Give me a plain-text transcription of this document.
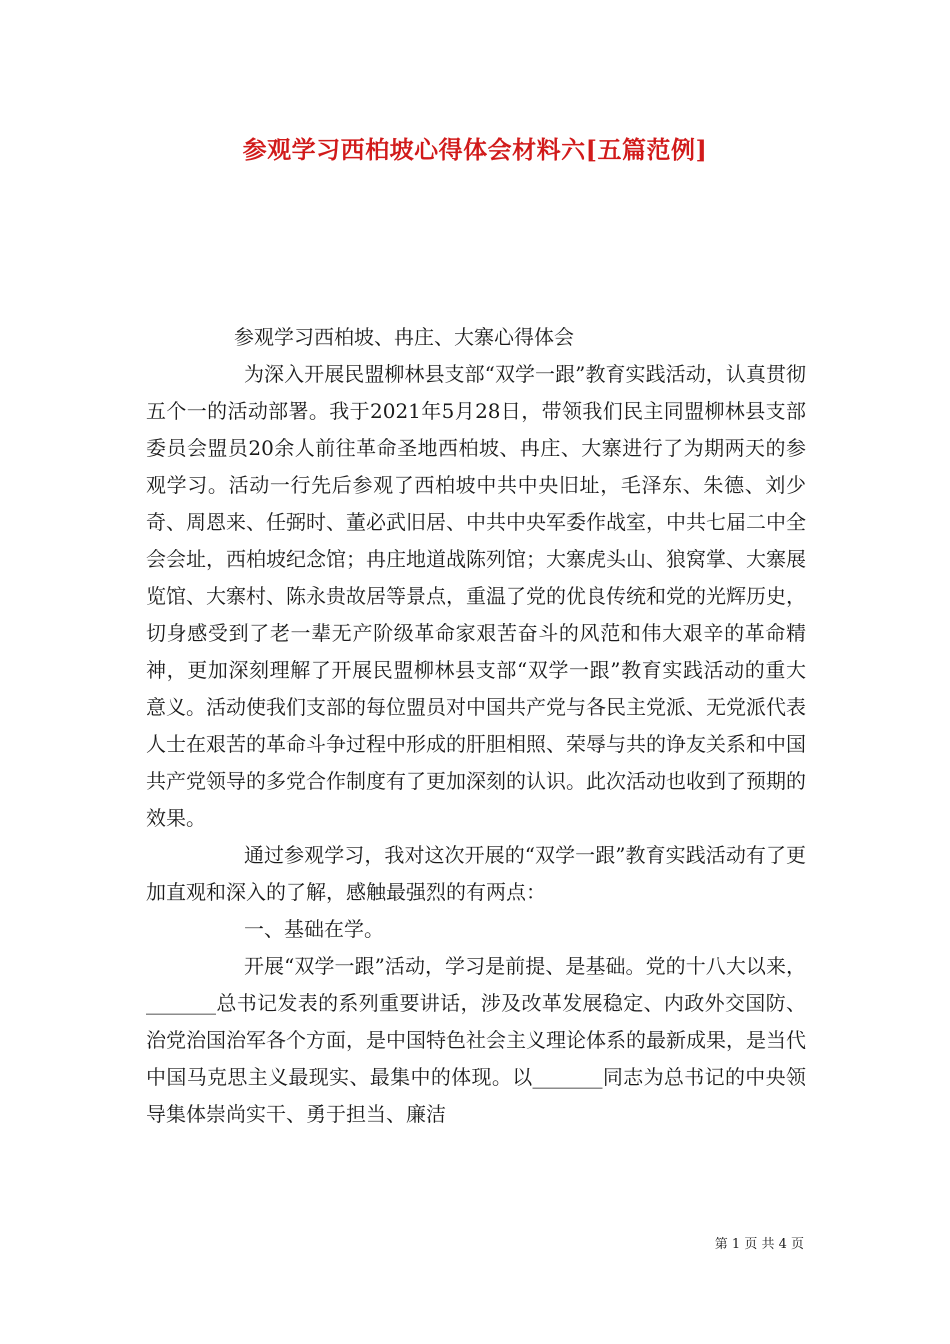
参观学习西柏坡心得体会材料六[五篇范例]

参观学习西柏坡、冉庄、大寨心得体会

为深入开展民盟柳林县支部“双学一跟”教育实践活动，认真贯彻五个一的活动部署。我于2021年5月28日，带领我们民主同盟柳林县支部委员会盟员20余人前往革命圣地西柏坡、冉庄、大寨进行了为期两天的参观学习。活动一行先后参观了西柏坡中共中央旧址，毛泽东、朱德、刘少奇、周恩来、任弼时、董必武旧居、中共中央军委作战室，中共七届二中全会会址，西柏坡纪念馆；冉庄地道战陈列馆；大寨虎头山、狼窝掌、大寨展览馆、大寨村、陈永贵故居等景点，重温了党的优良传统和党的光辉历史，切身感受到了老一辈无产阶级革命家艰苦奋斗的风范和伟大艰辛的革命精神，更加深刻理解了开展民盟柳林县支部“双学一跟”教育实践活动的重大意义。活动使我们支部的每位盟员对中国共产党与各民主党派、无党派代表人士在艰苦的革命斗争过程中形成的肝胆相照、荣辱与共的诤友关系和中国共产党领导的多党合作制度有了更加深刻的认识。此次活动也收到了预期的效果。

通过参观学习，我对这次开展的“双学一跟”教育实践活动有了更加直观和深入的了解，感触最强烈的有两点：

一、基础在学。

开展“双学一跟”活动，学习是前提、是基础。党的十八大以来，_______总书记发表的系列重要讲话，涉及改革发展稳定、内政外交国防、治党治国治军各个方面，是中国特色社会主义理论体系的最新成果，是当代中国马克思主义最现实、最集中的体现。以_______同志为总书记的中央领导集体崇尚实干、勇于担当、廉洁

第 1 页 共 4 页
